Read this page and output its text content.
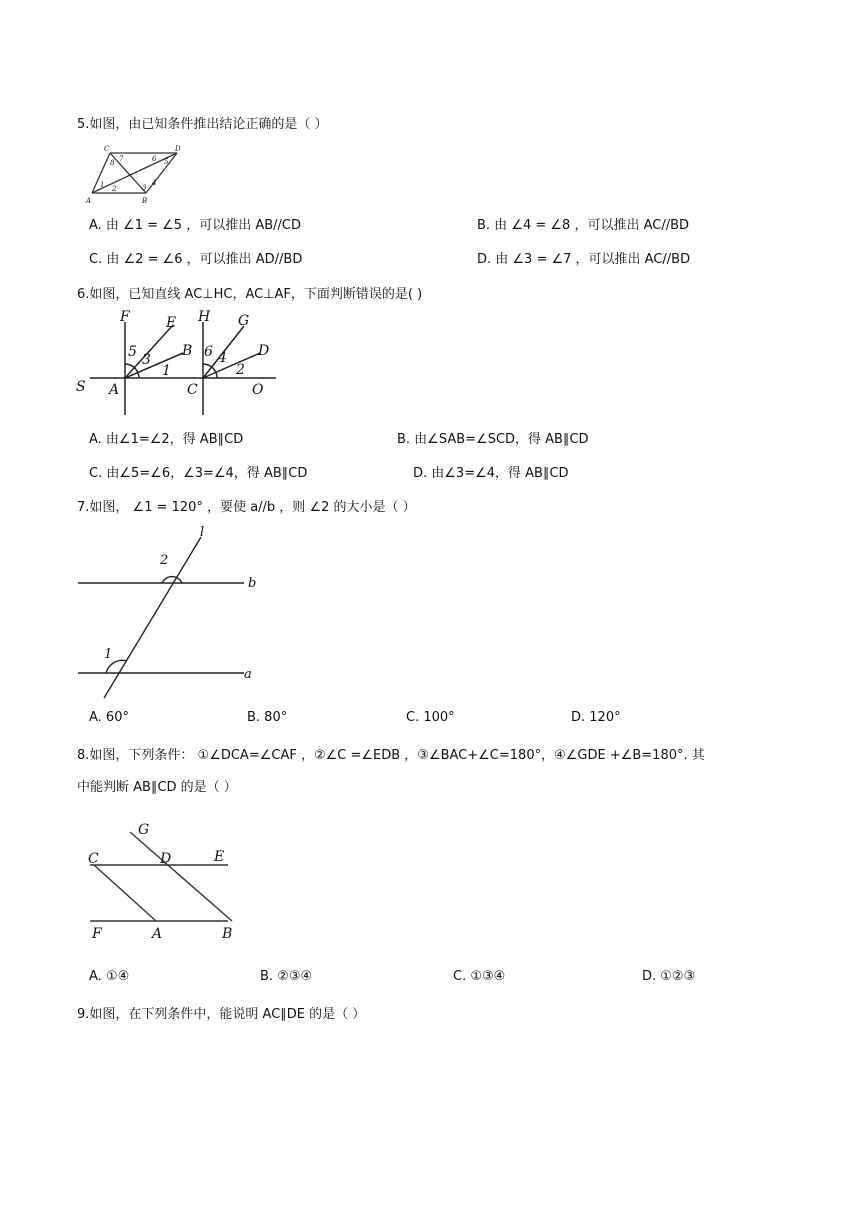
5.如图，由已知条件推出结论正确的是（ ）
A	B
C	D
1 2	3
4
5
6
7
8
A. 由 ∠1 = ∠5 ，可以推出 AB//CD	B. 由 ∠4 = ∠8 ，可以推出 AC//BD
C. 由 ∠2 = ∠6 ，可以推出 AD//BD	D. 由 ∠3 = ∠7 ，可以推出 AC//BD
6.如图，已知直线 AC⊥HC，AC⊥AF，下面判断错误的是( )
F	E H G
B	D
S A	C	O
5 3
1
6 4
2
A. 由∠1=∠2，得 AB∥CD	B. 由∠SAB=∠SCD，得 AB∥CD
C. 由∠5=∠6，∠3=∠4，得 AB∥CD	D. 由∠3=∠4，得 AB∥CD
7.如图， ∠1 = 120° ，要使 a//b ，则 ∠2 的大小是（ ）
l
b
a
2
1
A. 60°	B. 80°	C. 100°	D. 120°
8.如图，下列条件： ①∠DCA=∠CAF ，②∠C =∠EDB ，③∠BAC+∠C=180°，④∠GDE +∠B=180°. 其
中能判断 AB∥CD 的是（ ）
G
C	D	E
F	A	B
A. ①④	B. ②③④	C. ①③④	D. ①②③
9.如图，在下列条件中，能说明 AC∥DE 的是（ ）
